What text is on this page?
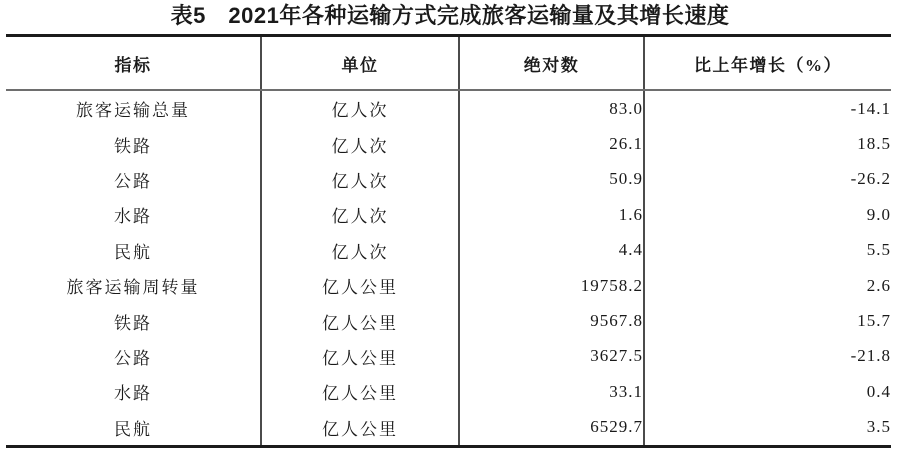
表5　2021年各种运输方式完成旅客运输量及其增长速度
指标	单位	绝对数	比上年增长（%）
旅客运输总量	亿人次	83.0	-14.1
铁路	亿人次	26.1	18.5
公路	亿人次	50.9	-26.2
水路	亿人次	1.6	9.0
民航	亿人次	4.4	5.5
旅客运输周转量	亿人公里	19758.2	2.6
铁路	亿人公里	9567.8	15.7
公路	亿人公里	3627.5	-21.8
水路	亿人公里	33.1	0.4
民航	亿人公里	6529.7	3.5
